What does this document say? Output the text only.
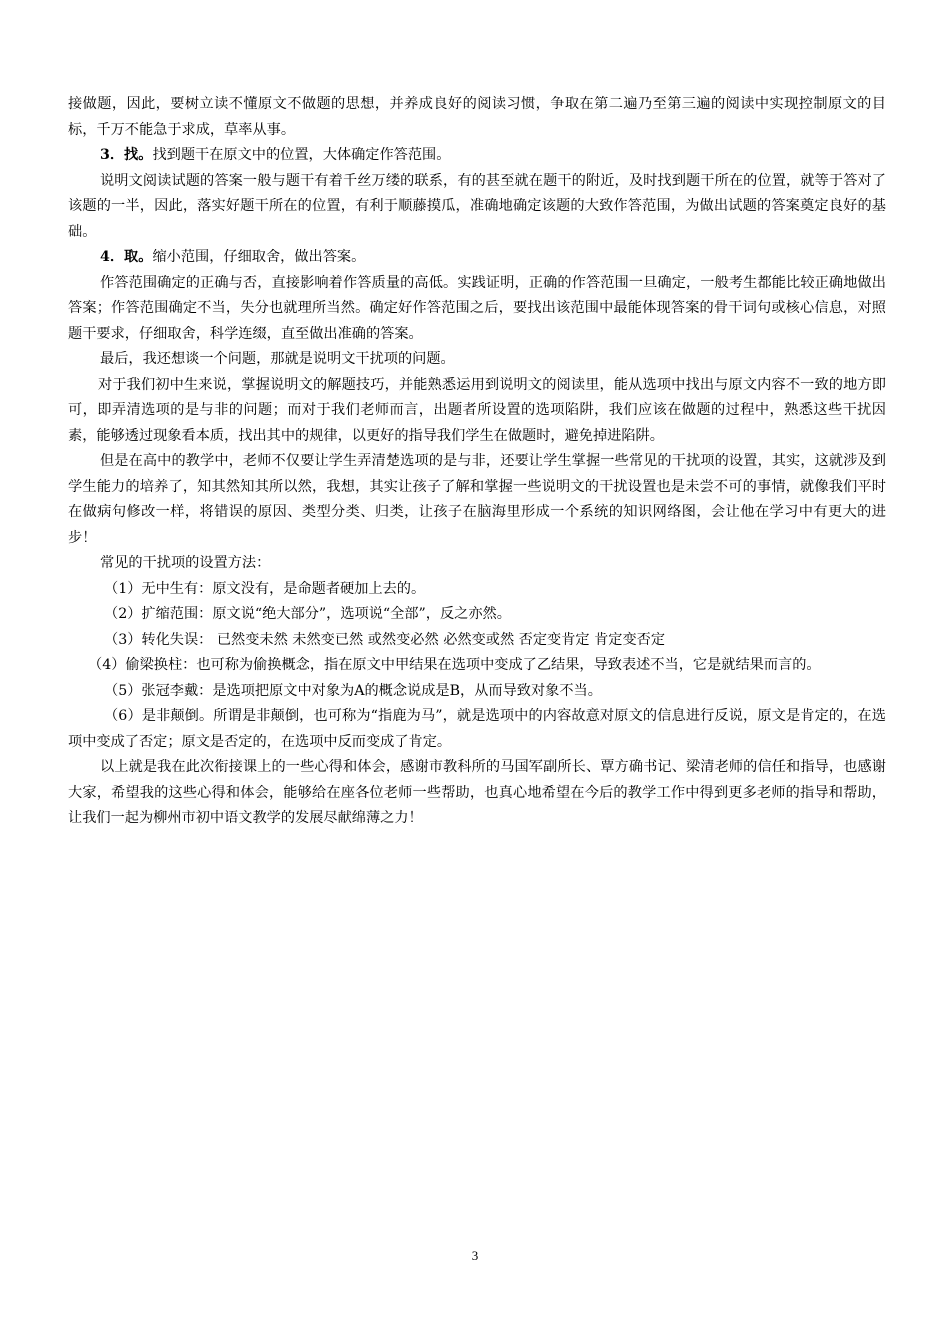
接做题，因此，要树立读不懂原文不做题的思想，并养成良好的阅读习惯，争取在第二遍乃至第三遍的阅读中实现控制原文的目标，千万不能急于求成，草率从事。

3．找。找到题干在原文中的位置，大体确定作答范围。

说明文阅读试题的答案一般与题干有着千丝万缕的联系，有的甚至就在题干的附近，及时找到题干所在的位置，就等于答对了该题的一半，因此，落实好题干所在的位置，有利于顺藤摸瓜，准确地确定该题的大致作答范围，为做出试题的答案奠定良好的基础。

4．取。缩小范围，仔细取舍，做出答案。

作答范围确定的正确与否，直接影响着作答质量的高低。实践证明，正确的作答范围一旦确定，一般考生都能比较正确地做出答案；作答范围确定不当，失分也就理所当然。确定好作答范围之后，要找出该范围中最能体现答案的骨干词句或核心信息，对照题干要求，仔细取舍，科学连缀，直至做出准确的答案。

最后，我还想谈一个问题，那就是说明文干扰项的问题。

对于我们初中生来说，掌握说明文的解题技巧，并能熟悉运用到说明文的阅读里，能从选项中找出与原文内容不一致的地方即可，即弄清选项的是与非的问题；而对于我们老师而言，出题者所设置的选项陷阱，我们应该在做题的过程中，熟悉这些干扰因素，能够透过现象看本质，找出其中的规律，以更好的指导我们学生在做题时，避免掉进陷阱。

但是在高中的教学中，老师不仅要让学生弄清楚选项的是与非，还要让学生掌握一些常见的干扰项的设置，其实，这就涉及到学生能力的培养了，知其然知其所以然，我想，其实让孩子了解和掌握一些说明文的干扰设置也是未尝不可的事情，就像我们平时在做病句修改一样，将错误的原因、类型分类、归类，让孩子在脑海里形成一个系统的知识网络图，会让他在学习中有更大的进步！

常见的干扰项的设置方法：

（1）无中生有：原文没有，是命题者硬加上去的。

（2）扩缩范围：原文说“绝大部分”，选项说“全部”，反之亦然。

（3）转化失误： 已然变未然 未然变已然 或然变必然 必然变或然 否定变肯定 肯定变否定

（4）偷梁换柱：也可称为偷换概念，指在原文中甲结果在选项中变成了乙结果，导致表述不当，它是就结果而言的。

（5）张冠李戴：是选项把原文中对象为A的概念说成是B，从而导致对象不当。

（6）是非颠倒。所谓是非颠倒，也可称为“指鹿为马”，就是选项中的内容故意对原文的信息进行反说，原文是肯定的，在选项中变成了否定；原文是否定的，在选项中反而变成了肯定。

以上就是我在此次衔接课上的一些心得和体会，感谢市教科所的马国军副所长、覃方确书记、梁清老师的信任和指导，也感谢大家，希望我的这些心得和体会，能够给在座各位老师一些帮助，也真心地希望在今后的教学工作中得到更多老师的指导和帮助，让我们一起为柳州市初中语文教学的发展尽献绵薄之力！

3
